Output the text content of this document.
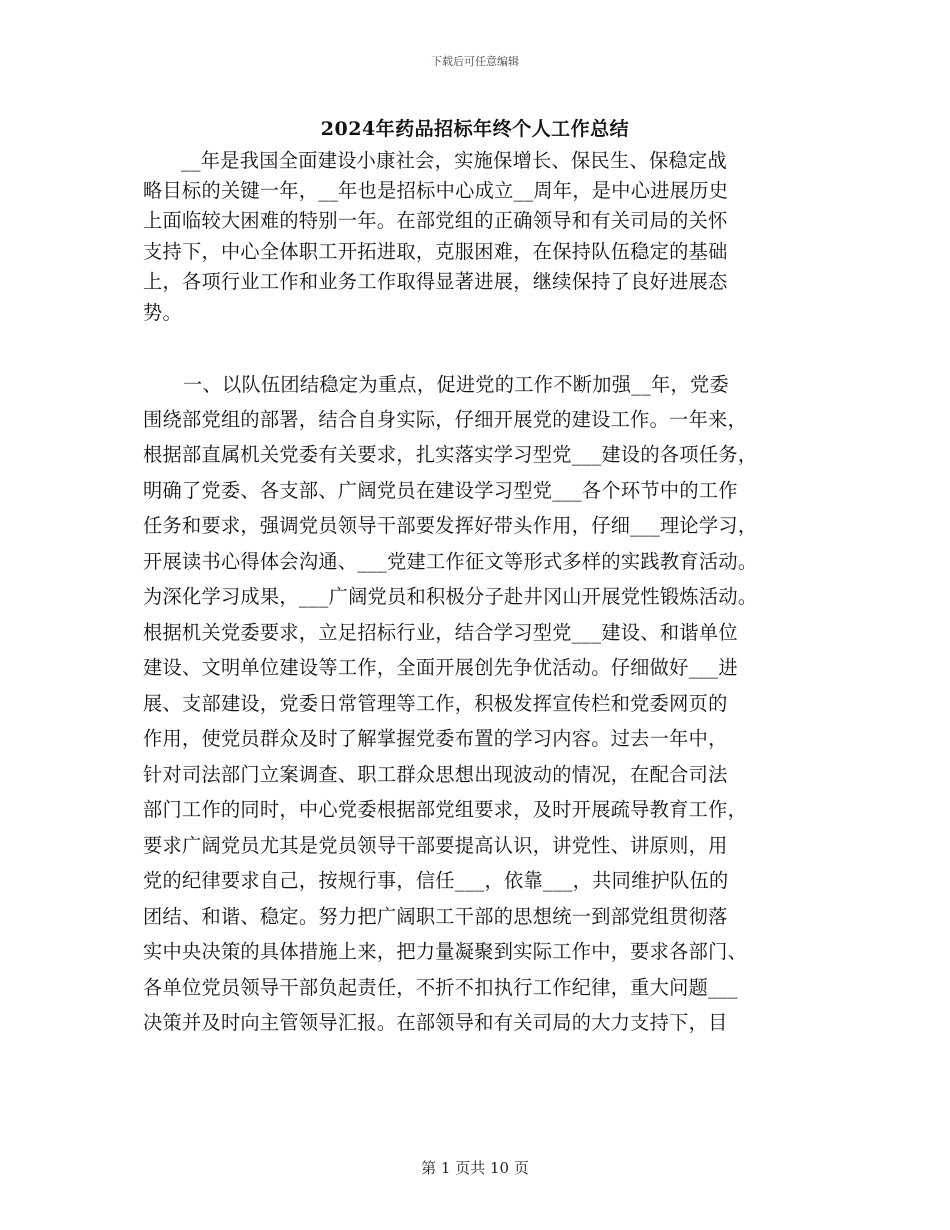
下载后可任意编辑
2024年药品招标年终个人工作总结
__年是我国全面建设小康社会，实施保增长、保民生、保稳定战
略目标的关键一年，__年也是招标中心成立__周年，是中心进展历史
上面临较大困难的特别一年。在部党组的正确领导和有关司局的关怀
支持下，中心全体职工开拓进取，克服困难，在保持队伍稳定的基础
上，各项行业工作和业务工作取得显著进展，继续保持了良好进展态
势。
一、以队伍团结稳定为重点，促进党的工作不断加强__年，党委
围绕部党组的部署，结合自身实际，仔细开展党的建设工作。一年来，
根据部直属机关党委有关要求，扎实落实学习型党___建设的各项任务，
明确了党委、各支部、广阔党员在建设学习型党___各个环节中的工作
任务和要求，强调党员领导干部要发挥好带头作用，仔细___理论学习，
开展读书心得体会沟通、___党建工作征文等形式多样的实践教育活动。
为深化学习成果，___广阔党员和积极分子赴井冈山开展党性锻炼活动。
根据机关党委要求，立足招标行业，结合学习型党___建设、和谐单位
建设、文明单位建设等工作，全面开展创先争优活动。仔细做好___进
展、支部建设，党委日常管理等工作，积极发挥宣传栏和党委网页的
作用，使党员群众及时了解掌握党委布置的学习内容。过去一年中，
针对司法部门立案调查、职工群众思想出现波动的情况，在配合司法
部门工作的同时，中心党委根据部党组要求，及时开展疏导教育工作，
要求广阔党员尤其是党员领导干部要提高认识，讲党性、讲原则，用
党的纪律要求自己，按规行事，信任___，依靠___，共同维护队伍的
团结、和谐、稳定。努力把广阔职工干部的思想统一到部党组贯彻落
实中央决策的具体措施上来，把力量凝聚到实际工作中，要求各部门、
各单位党员领导干部负起责任，不折不扣执行工作纪律，重大问题___
决策并及时向主管领导汇报。在部领导和有关司局的大力支持下，目
第 1 页共 10 页
